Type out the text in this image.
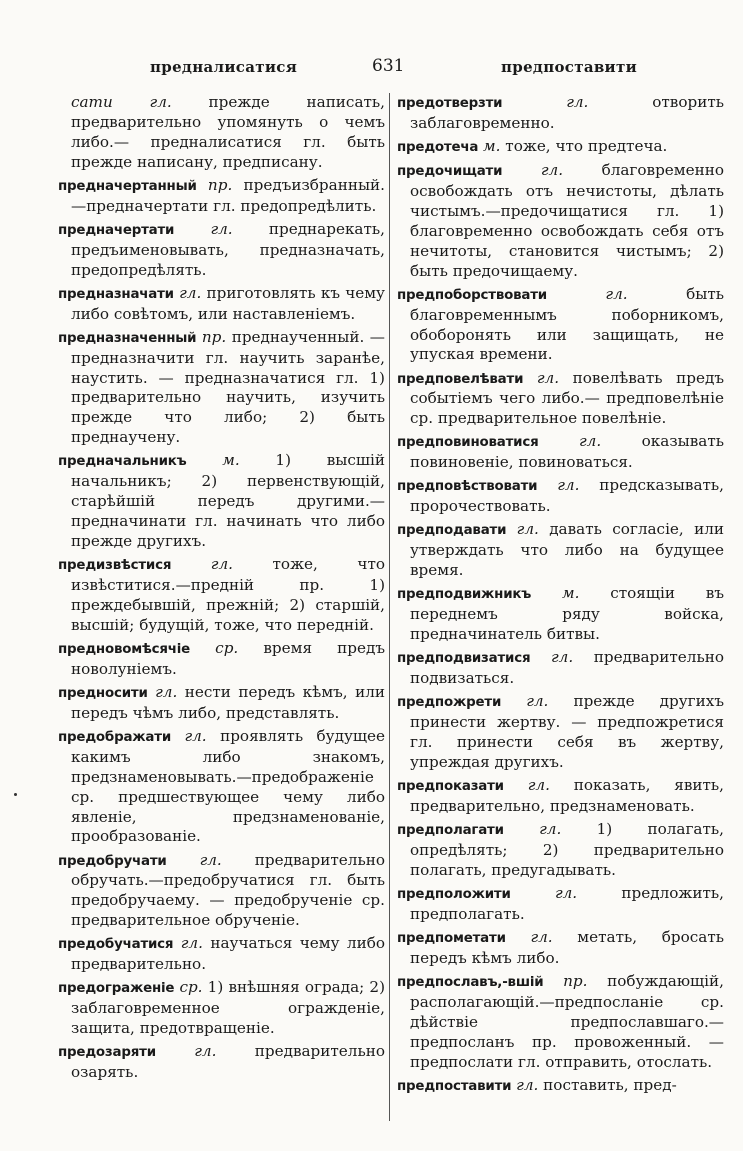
предналисатися	631	предпоставити

сати гл. прежде написать, предварительно упомянуть о чемъ либо.— предналисатися гл. быть прежде написану, предписану.

предначертанный пр. предъизбранный. —предначертати гл. предопредѣлить.

предначертати гл. преднарекать, предъименовывать, предназначать, предопредѣлять.

предназначати гл. приготовлять къ чему либо совѣтомъ, или наставленіемъ.

предназначенный пр. преднаученный. —предназначити гл. научить заранѣе, наустить. — предназначатися гл. 1) предварительно научить, изучить прежде что либо; 2) быть преднаучену.

предначальникъ м. 1) высшій начальникъ; 2) первенствующій, старѣйшій передъ другими.—предначинати гл. начинать что либо прежде другихъ.

предизвѣстися гл. тоже, что извѣститися.—предній пр. 1) преждебывшій, прежній; 2) старшій, высшій; будущій, тоже, что передній.

предновомѣсячіе ср. время предъ новолуніемъ.

предносити гл. нести передъ кѣмъ, или передъ чѣмъ либо, представлять.

предображати гл. проявлять будущее какимъ либо знакомъ, предзнаменовывать.—предображеніе ср. предшествующее чему либо явленіе, предзнаменованіе, прообразованіе.

предобручати гл. предварительно обручать.—предобручатися гл. быть предобручаему. — предобрученіе ср. предварительное обрученіе.

предобучатися гл. научаться чему либо предварительно.

предограженіе ср. 1) внѣшняя ограда; 2) заблаговременное огражденіе, защита, предотвращеніе.

предозаряти гл. предварительно озарять.

предотверзти гл. отворить заблаговременно.

предотеча м. тоже, что предтеча.

предочищати гл. благовременно освобождать отъ нечистоты, дѣлать чистымъ.—предочищатися гл. 1) благовременно освобождать себя отъ нечитоты, становится чистымъ; 2) быть предочищаему.

предпоборствовати гл. быть благовременнымъ поборникомъ, обоборонять или защищать, не упуская времени.

предповелѣвати гл. повелѣвать предъ событіемъ чего либо.— предповелѣніе ср. предварительное повелѣніе.

предповиноватися гл. оказывать повиновеніе, повиноваться.

предповѣствовати гл. предсказывать, пророчествовать.

предподавати гл. давать согласіе, или утверждать что либо на будущее время.

предподвижникъ м. стоящіи въ переднемъ ряду войска, предначинатель битвы.

предподвизатися гл. предварительно подвизаться.

предпожрети гл. прежде другихъ принести жертву. — предпожретися гл. принести себя въ жертву, упреждая другихъ.

предпоказати гл. показать, явить, предварительно, предзнаменовать.

предполагати гл. 1) полагать, опредѣлять; 2) предварительно полагать, предугадывать.

предположити гл. предложить, предполагать.

предпометати гл. метать, бросать передъ кѣмъ либо.

предпославъ,-вшій пр. побуждающій, располагающій.—предпосланіе ср. дѣйствіе предпославшаго.—предпосланъ пр. провоженный. — предпослати гл. отправить, отослать.

предпоставити гл. поставить, пред-
